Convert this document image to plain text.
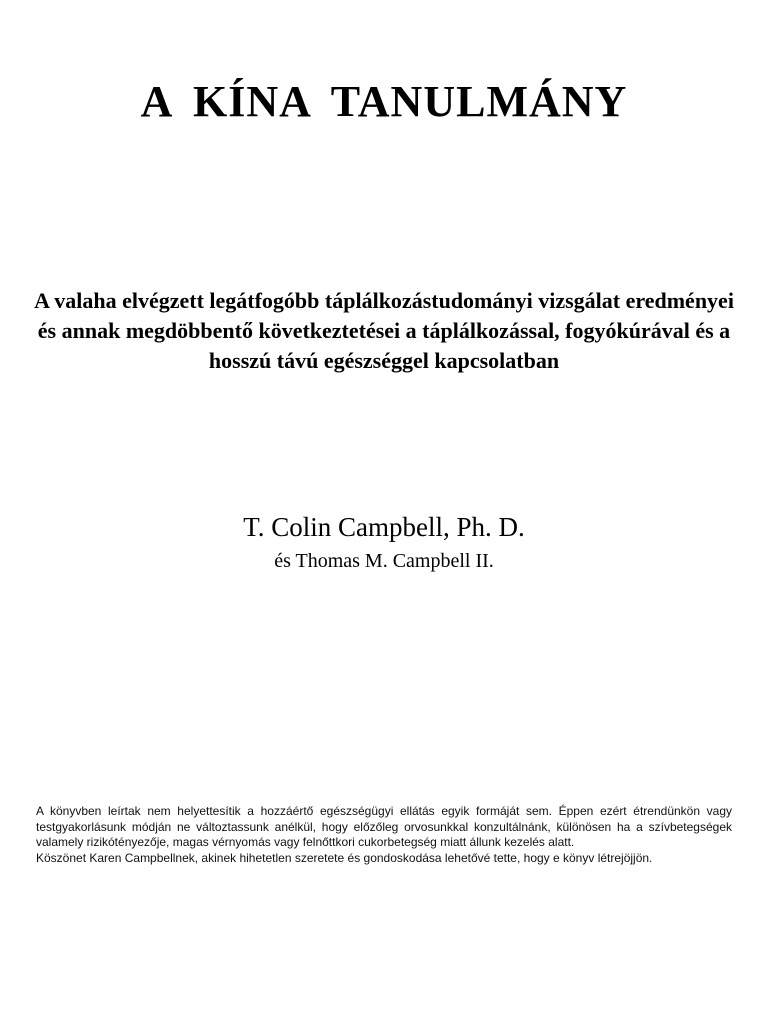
A KÍNA TANULMÁNY
A valaha elvégzett legátfogóbb táplálkozástudományi vizsgálat eredményei és annak megdöbbentő következtetései a táplálkozással, fogyókúrával és a hosszú távú egészséggel kapcsolatban
T. Colin Campbell, Ph. D.
és Thomas M. Campbell II.

A könyvben leírtak nem helyettesítik a hozzáértő egészségügyi ellátás egyik formáját sem. Éppen ezért étrendünkön vagy testgyakorlásunk módján ne változtassunk anélkül, hogy előzőleg orvosunkkal konzultálnánk, különösen ha a szívbetegségek valamely rizikótényezője, magas vérnyomás vagy felnőttkori cukorbetegség miatt állunk kezelés alatt.

Köszönet Karen Campbellnek, akinek hihetetlen szeretete és gondoskodása lehetővé tette, hogy e könyv létrejöjjön.
